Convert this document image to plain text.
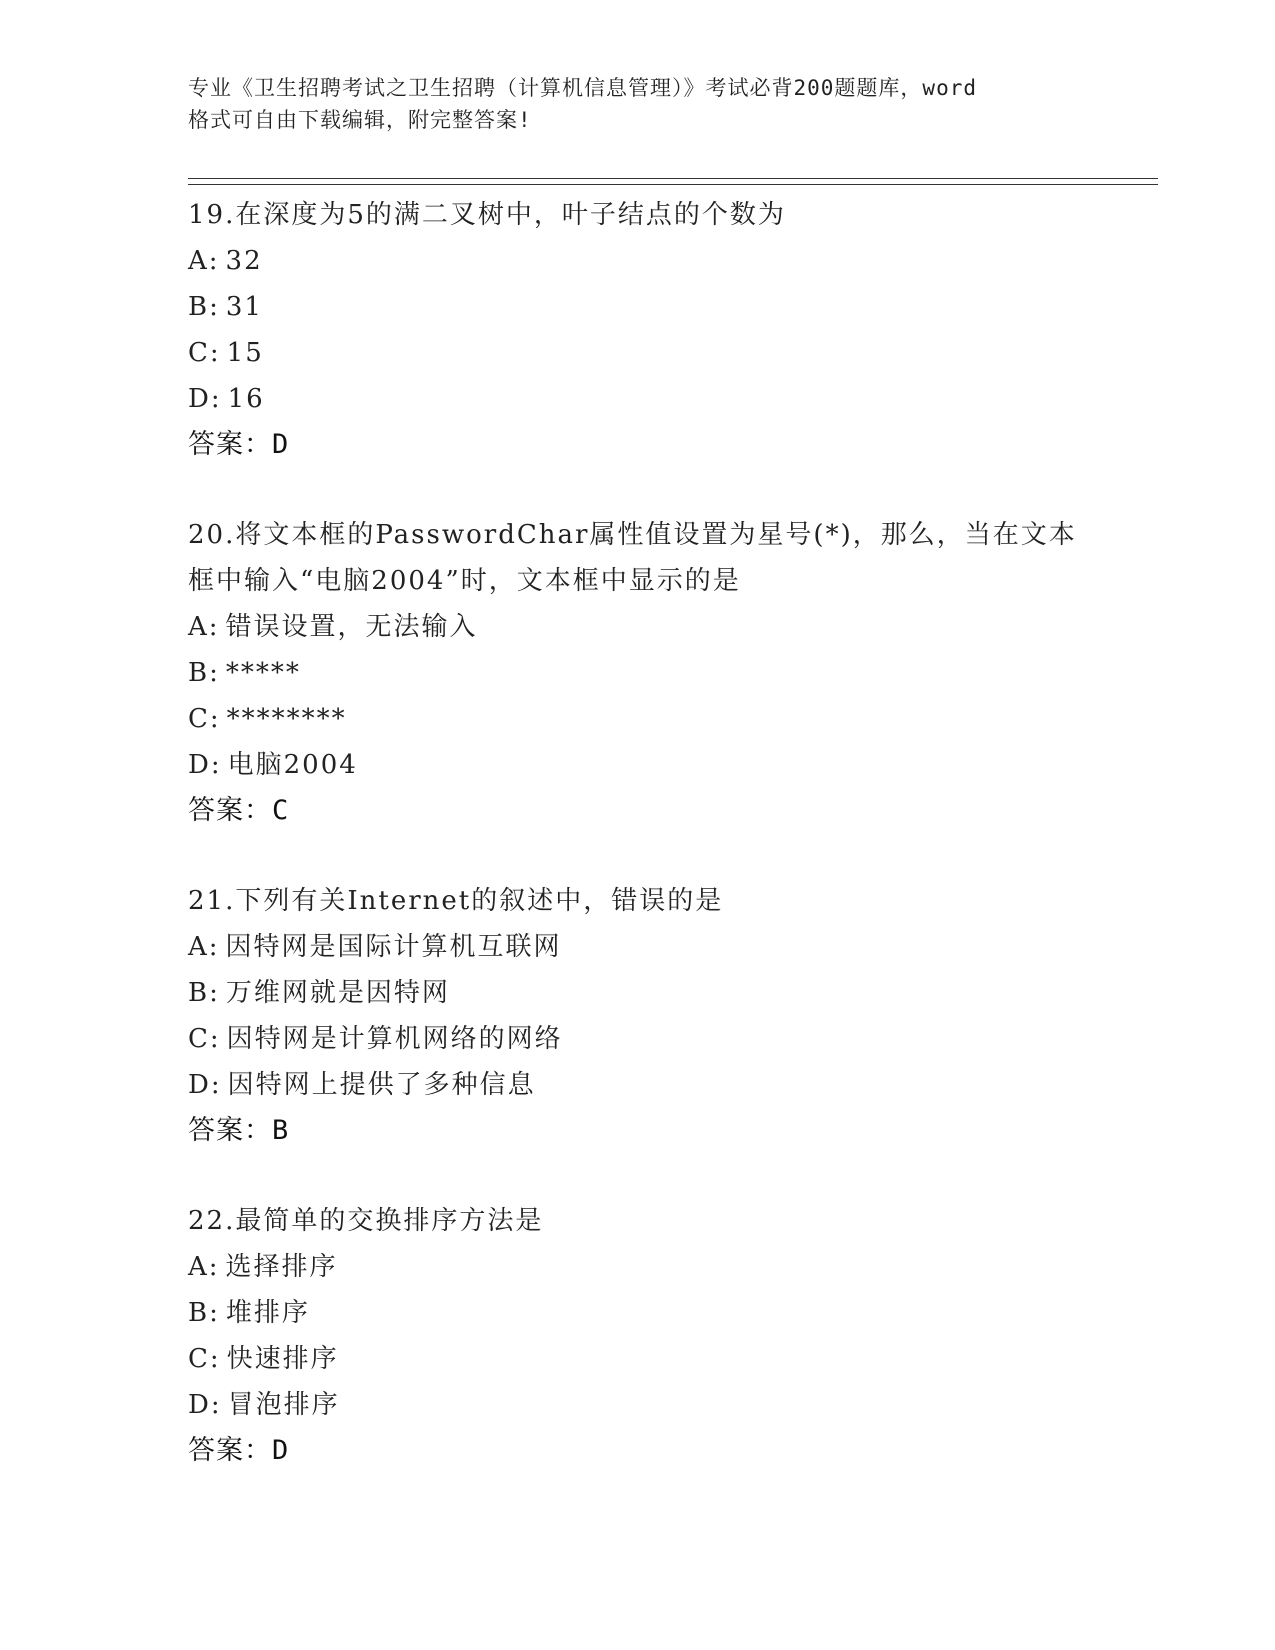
专业《卫生招聘考试之卫生招聘（计算机信息管理）》考试必背200题题库，word
格式可自由下载编辑，附完整答案!
19.在深度为5的满二叉树中，叶子结点的个数为
A: 32
B: 31
C: 15
D: 16
答案：D
20.将文本框的PasswordChar属性值设置为星号(*)，那么，当在文本
框中输入“电脑2004”时，文本框中显示的是
A: 错误设置，无法输入
B: *****
C: ********
D: 电脑2004
答案：C
21.下列有关Internet的叙述中，错误的是
A: 因特网是国际计算机互联网
B: 万维网就是因特网
C: 因特网是计算机网络的网络
D: 因特网上提供了多种信息
答案：B
22.最简单的交换排序方法是
A: 选择排序
B: 堆排序
C: 快速排序
D: 冒泡排序
答案：D
